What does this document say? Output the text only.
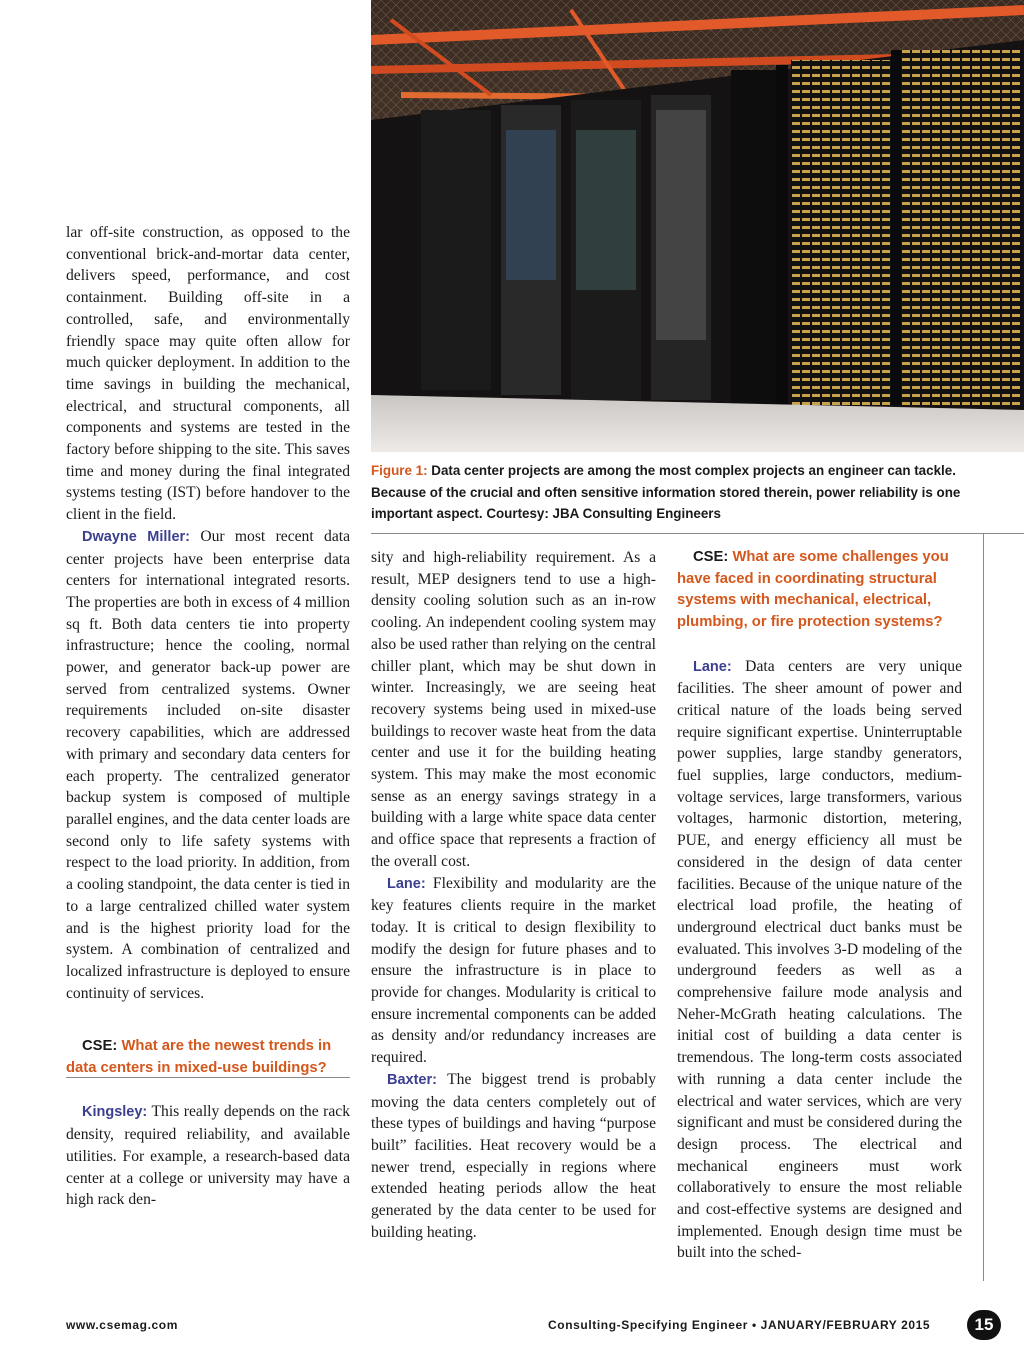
Figure 1: Data center projects are among the most complex projects an engineer can tackle. Because of the crucial and often sensitive information stored therein, power reliability is one important aspect. Courtesy: JBA Consulting Engineers

lar off-site construction, as opposed to the conventional brick-and-mortar data center, delivers speed, performance, and cost containment. Building off-site in a controlled, safe, and environmentally friendly space may quite often allow for much quicker deployment. In addition to the time savings in building the mechanical, electrical, and structural components, all components and systems are tested in the factory before shipping to the site. This saves time and money during the final integrated systems testing (IST) before handover to the client in the field.

Dwayne Miller: Our most recent data center projects have been enterprise data centers for international integrated resorts. The properties are both in excess of 4 million sq ft. Both data centers tie into property infrastructure; hence the cooling, normal power, and generator back-up power are served from centralized systems. Owner requirements included on-site disaster recovery capabilities, which are addressed with primary and secondary data centers for each property. The centralized generator backup system is composed of multiple parallel engines, and the data center loads are second only to life safety systems with respect to the load priority. In addition, from a cooling standpoint, the data center is tied in to a large centralized chilled water system and is the highest priority load for the system. A combination of centralized and localized infrastructure is deployed to ensure continuity of services.

CSE: What are the newest trends in data centers in mixed-use buildings?

Kingsley: This really depends on the rack density, required reliability, and available utilities. For example, a research-based data center at a college or university may have a high rack den-

sity and high-reliability requirement. As a result, MEP designers tend to use a high-density cooling solution such as an in-row cooling. An independent cooling system may also be used rather than relying on the central chiller plant, which may be shut down in winter. Increasingly, we are seeing heat recovery systems being used in mixed-use buildings to recover waste heat from the data center and use it for the building heating system. This may make the most economic sense as an energy savings strategy in a building with a large white space data center and office space that represents a fraction of the overall cost.

Lane: Flexibility and modularity are the key features clients require in the market today. It is critical to design flexibility to modify the design for future phases and to ensure the infrastructure is in place to provide for changes. Modularity is critical to ensure incremental components can be added as density and/or redundancy increases are required.

Baxter: The biggest trend is probably moving the data centers completely out of these types of buildings and having “purpose built” facilities. Heat recovery would be a newer trend, especially in regions where extended heating periods allow the heat generated by the data center to be used for building heating.

CSE: What are some challenges you have faced in coordinating structural systems with mechanical, electrical, plumbing, or fire protection systems?

Lane: Data centers are very unique facilities. The sheer amount of power and critical nature of the loads being served require significant expertise. Uninterruptable power supplies, large standby generators, fuel supplies, large conductors, medium-voltage services, large transformers, various voltages, harmonic distortion, metering, PUE, and energy efficiency all must be considered in the design of data center facilities. Because of the unique nature of the electrical load profile, the heating of underground electrical duct banks must be evaluated. This involves 3-D modeling of the underground feeders as well as a comprehensive failure mode analysis and Neher-McGrath heating calculations. The initial cost of building a data center is tremendous. The long-term costs associated with running a data center include the electrical and water services, which are very significant and must be considered during the design process. The electrical and mechanical engineers must work collaboratively to ensure the most reliable and cost-effective systems are designed and implemented. Enough design time must be built into the sched-

www.csemag.com	Consulting-Specifying Engineer • JANUARY/FEBRUARY 2015	15
